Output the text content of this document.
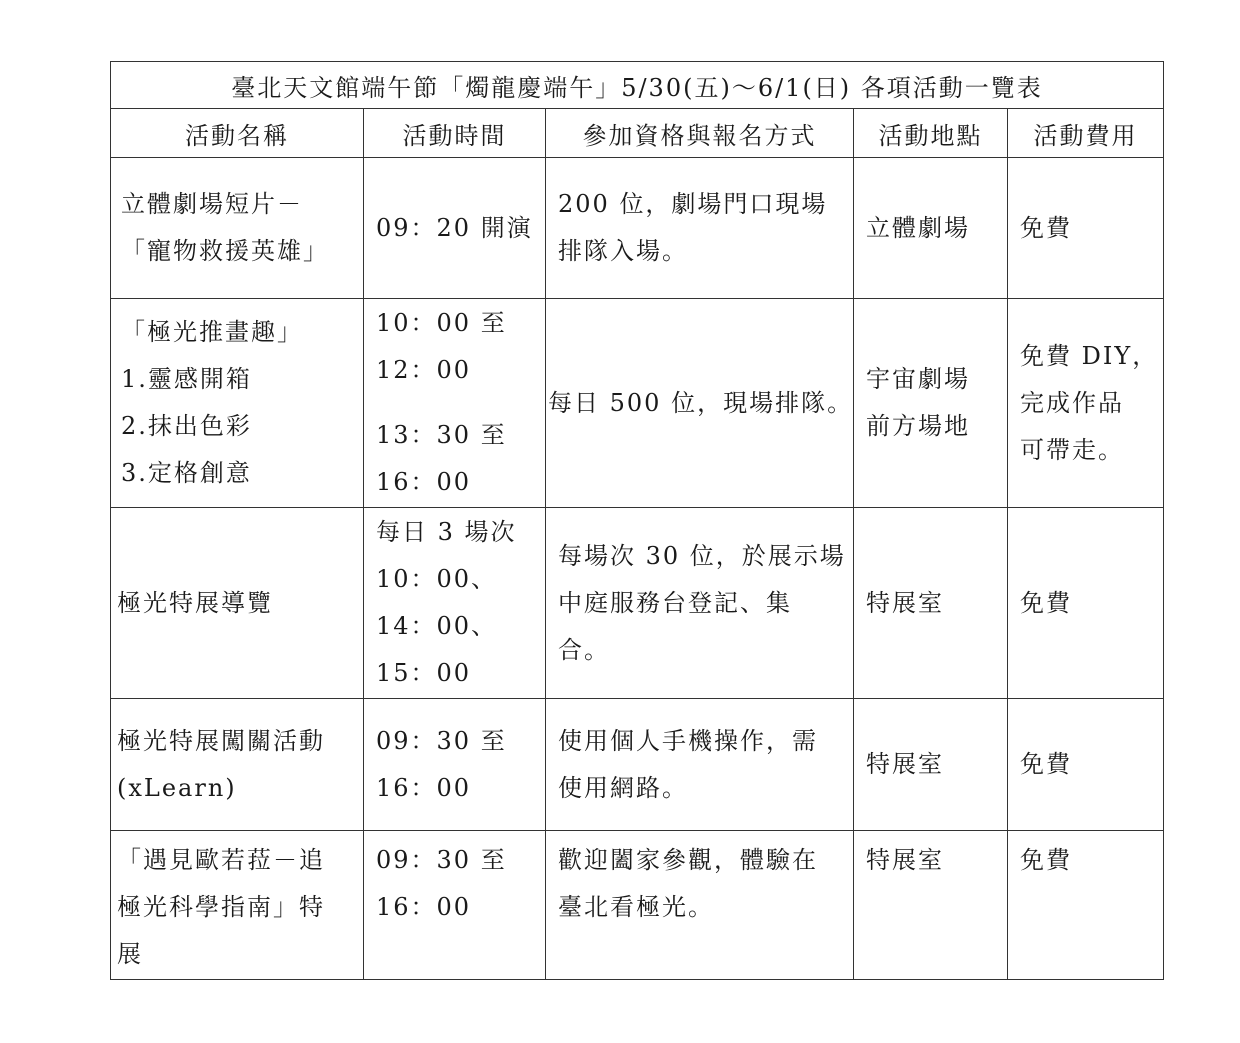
臺北天文館端午節「燭龍慶端午」5/30(五)～6/1(日) 各項活動一覽表				
活動名稱	活動時間	參加資格與報名方式	活動地點	活動費用

立體劇場短片－
「寵物救援英雄」	09：20 開演	200 位，劇場門口現場
排隊入場。	立體劇場	免費

「極光推畫趣」
1.靈感開箱
2.抹出色彩
3.定格創意	10：00 至
12：00
13：30 至
16：00	每日 500 位，現場排隊。	宇宙劇場
前方場地	免費 DIY，
完成作品
可帶走。

極光特展導覽	每日 3 場次
10：00、
14：00、
15：00	每場次 30 位，於展示場
中庭服務台登記、集
合。	特展室	免費

極光特展闖關活動
(xLearn)	09：30 至
16：00	使用個人手機操作，需
使用網路。	特展室	免費

「遇見歐若菈－追
極光科學指南」特
展	09：30 至
16：00	歡迎闔家參觀，體驗在
臺北看極光。	特展室	免費
